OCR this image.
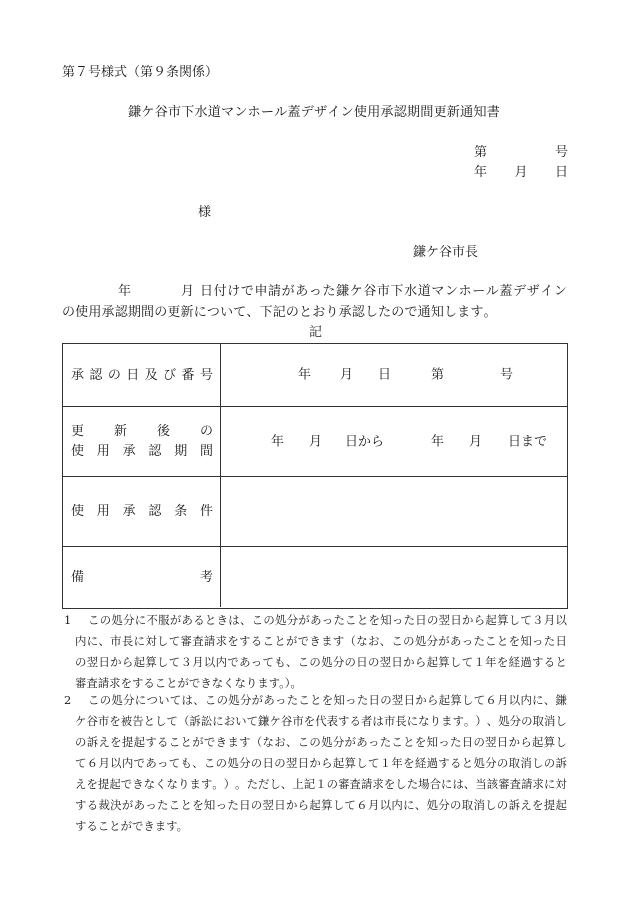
第７号様式（第９条関係）
鎌 ケ 谷 市 下 水 道 マ ン ホ ー ル 蓋 デ ザ イ ン 使 用 承 認 期 間 更 新 通 知 書
第	号
年 月 日
様
鎌ケ谷市長
年	月 日 付 け で 申 請 が あ っ た 鎌 ケ 谷 市 下 水 道 マ ン ホ ー ル 蓋 デ ザ イ ン
の 使 用 承 認 期 間 の 更 新 に つ い て 、 下 記 の と お り 承 認 し た の で 通 知 し ま す 。
記
承 認 の 日 及 び 番 号	年 月 日	第	号
更 新 後 の
使 用 承 認 期 間
年 月 日から	年 月 日まで
使 用 承 認 条 件
備	考
1 こ の 処 分 に 不 服 が あ る と き は 、 こ の 処 分 が あ っ た こ と を 知 っ た 日 の 翌 日 か ら 起 算 し て ３ 月 以
内 に 、 市 長 に 対 し て 審 査 請 求 を す る こ と が で き ま す （ な お 、 こ の 処 分 が あ っ た こ と を 知 っ た 日
の 翌 日 か ら 起 算 し て ３ 月 以 内 で あ っ て も 、 こ の 処 分 の 日 の 翌 日 か ら 起 算 し て １ 年 を 経 過 す る と
審査請求をすることができなくなります。）。
2 こ の 処 分 に つ い て は 、 こ の 処 分 が あ っ た こ と を 知 っ た 日 の 翌 日 か ら 起 算 し て ６ 月 以 内 に 、 鎌
ケ 谷 市 を 被 告 と し て （ 訴 訟 に お い て 鎌 ケ 谷 市 を 代 表 す る 者 は 市 長 に な り ま す 。 ） 、 処 分 の 取 消 し
の 訴 え を 提 起 す る こ と が で き ま す （ な お 、 こ の 処 分 が あ っ た こ と を 知 っ た 日 の 翌 日 か ら 起 算 し
て ６ 月 以 内 で あ っ て も 、 こ の 処 分 の 日 の 翌 日 か ら 起 算 し て １ 年 を 経 過 す る と 処 分 の 取 消 し の 訴
え を 提 起 で き な く な り ま す 。 ） 。 た だ し 、 上 記 １ の 審 査 請 求 を し た 場 合 に は 、 当 該 審 査 請 求 に 対
す る 裁 決 が あ っ た こ と を 知 っ た 日 の 翌 日 か ら 起 算 し て ６ 月 以 内 に 、 処 分 の 取 消 し の 訴 え を 提 起
することができます。
